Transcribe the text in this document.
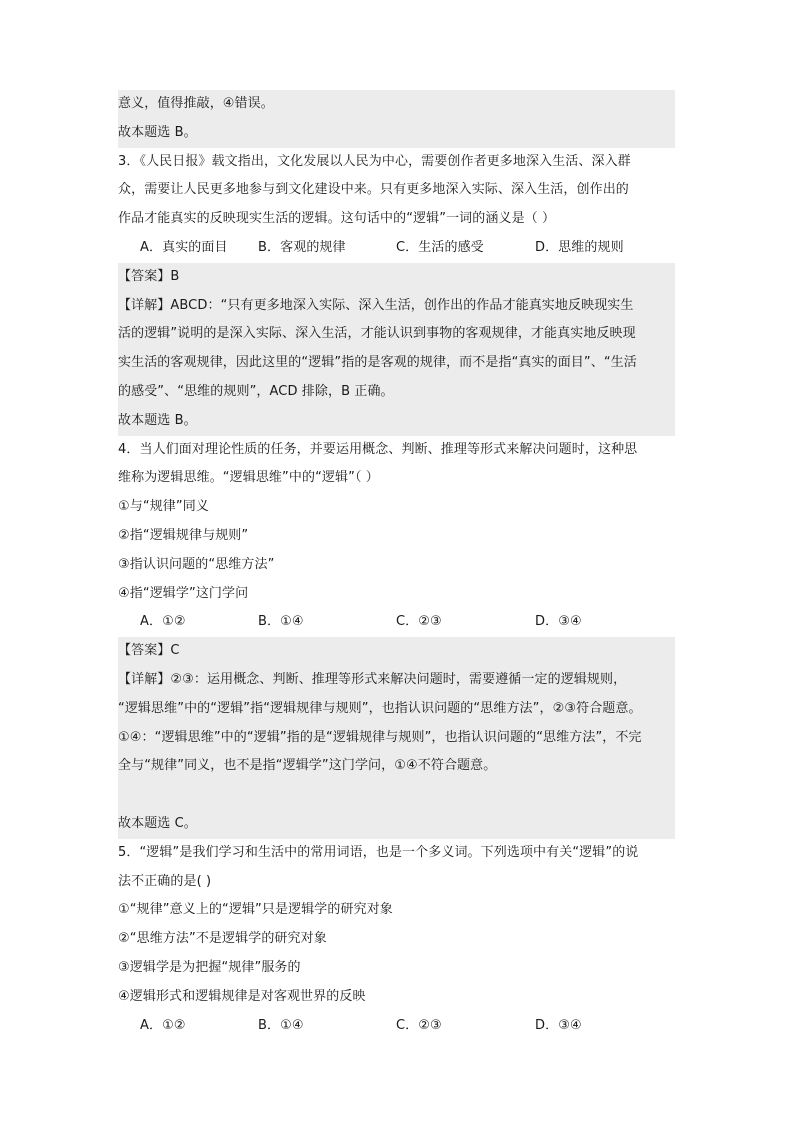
意义，值得推敲，④错误。
故本题选 B。
3．《人民日报》载文指出，文化发展以人民为中心，需要创作者更多地深入生活、深入群
众，需要让人民更多地参与到文化建设中来。只有更多地深入实际、深入生活，创作出的
作品才能真实的反映现实生活的逻辑。这句话中的“逻辑”一词的涵义是（ ）
A．真实的面目	B．客观的规律	C．生活的感受	D．思维的规则
【答案】B
【详解】ABCD：“只有更多地深入实际、深入生活，创作出的作品才能真实地反映现实生
活的逻辑”说明的是深入实际、深入生活，才能认识到事物的客观规律，才能真实地反映现
实生活的客观规律，因此这里的“逻辑”指的是客观的规律，而不是指“真实的面目”、“生活
的感受”、“思维的规则”，ACD 排除，B 正确。
故本题选 B。
4．当人们面对理论性质的任务，并要运用概念、判断、推理等形式来解决问题时，这种思
维称为逻辑思维。“逻辑思维”中的“逻辑”（ ）
①与“规律”同义
②指“逻辑规律与规则”
③指认识问题的“思维方法”
④指“逻辑学”这门学问
A．①②	B．①④	C．②③	D．③④
【答案】C
【详解】②③：运用概念、判断、推理等形式来解决问题时，需要遵循一定的逻辑规则，
“逻辑思维”中的“逻辑”指“逻辑规律与规则”，也指认识问题的“思维方法”，②③符合题意。
①④：“逻辑思维”中的“逻辑”指的是“逻辑规律与规则”，也指认识问题的“思维方法”，不完
全与“规律”同义，也不是指“逻辑学”这门学问，①④不符合题意。
故本题选 C。
5．“逻辑”是我们学习和生活中的常用词语，也是一个多义词。下列选项中有关“逻辑”的说
法不正确的是( )
①“规律”意义上的“逻辑”只是逻辑学的研究对象
②“思维方法”不是逻辑学的研究对象
③逻辑学是为把握“规律”服务的
④逻辑形式和逻辑规律是对客观世界的反映
A．①②	B．①④	C．②③	D．③④
